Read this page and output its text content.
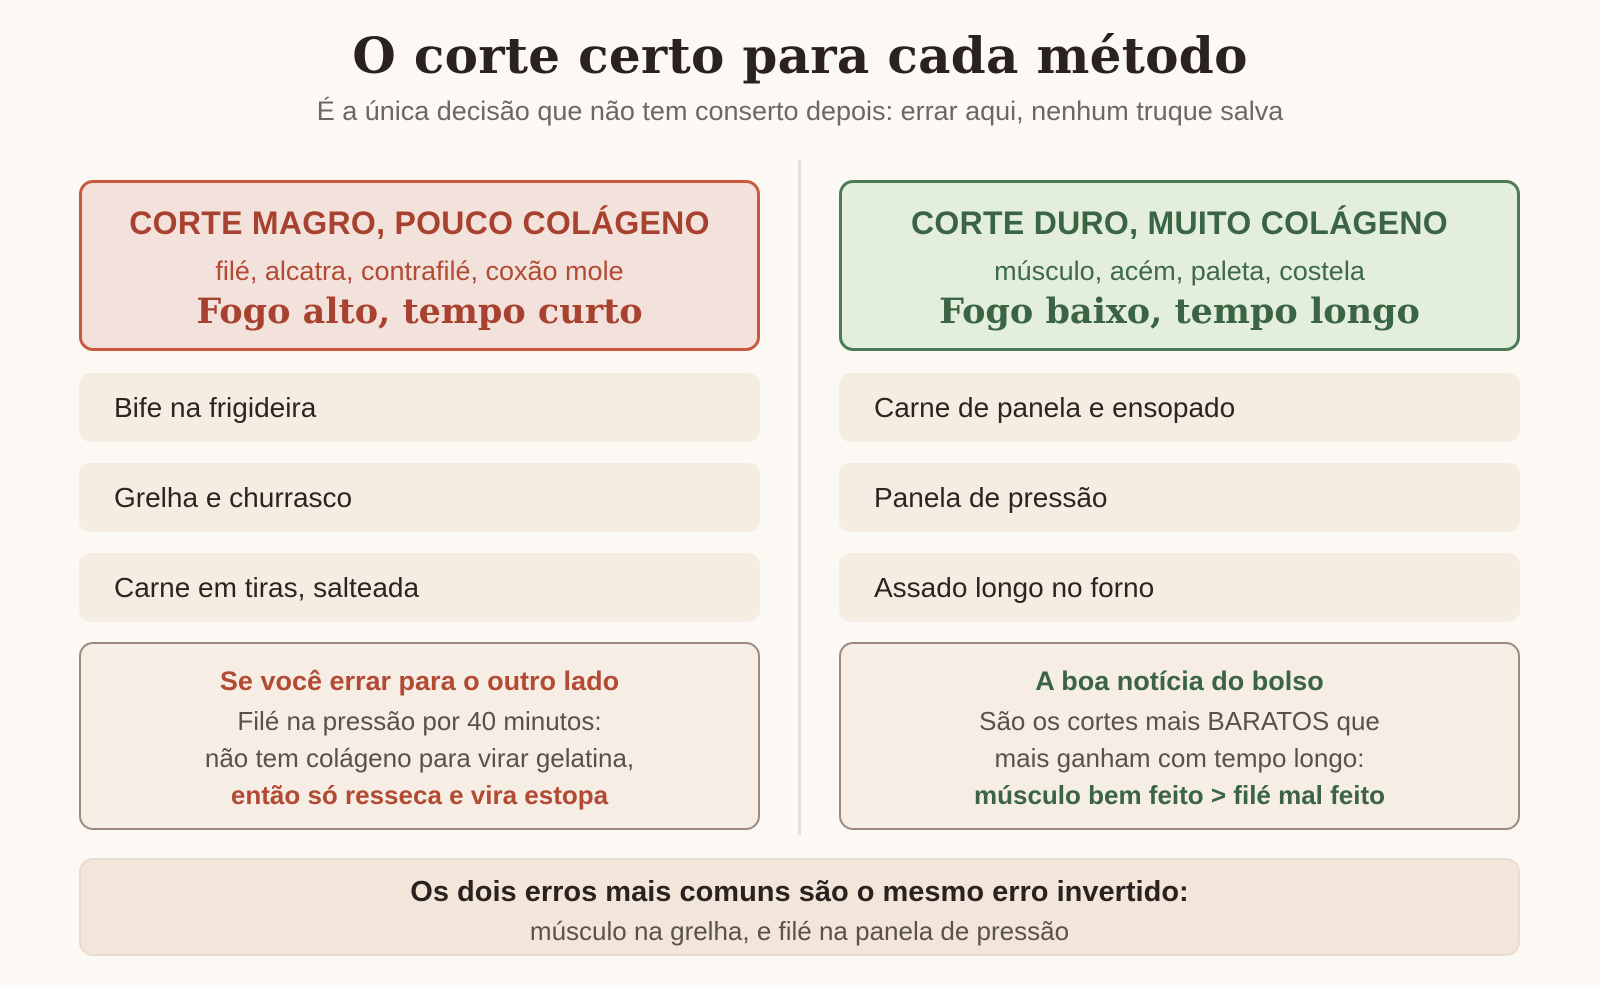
O corte certo para cada método
É a única decisão que não tem conserto depois: errar aqui, nenhum truque salva
CORTE MAGRO, POUCO COLÁGENO
filé, alcatra, contrafilé, coxão mole
Fogo alto, tempo curto
Bife na frigideira
Grelha e churrasco
Carne em tiras, salteada
Se você errar para o outro lado
Filé na pressão por 40 minutos:
não tem colágeno para virar gelatina,
então só resseca e vira estopa
CORTE DURO, MUITO COLÁGENO
músculo, acém, paleta, costela
Fogo baixo, tempo longo
Carne de panela e ensopado
Panela de pressão
Assado longo no forno
A boa notícia do bolso
São os cortes mais BARATOS que
mais ganham com tempo longo:
músculo bem feito > filé mal feito
Os dois erros mais comuns são o mesmo erro invertido:
músculo na grelha, e filé na panela de pressão
